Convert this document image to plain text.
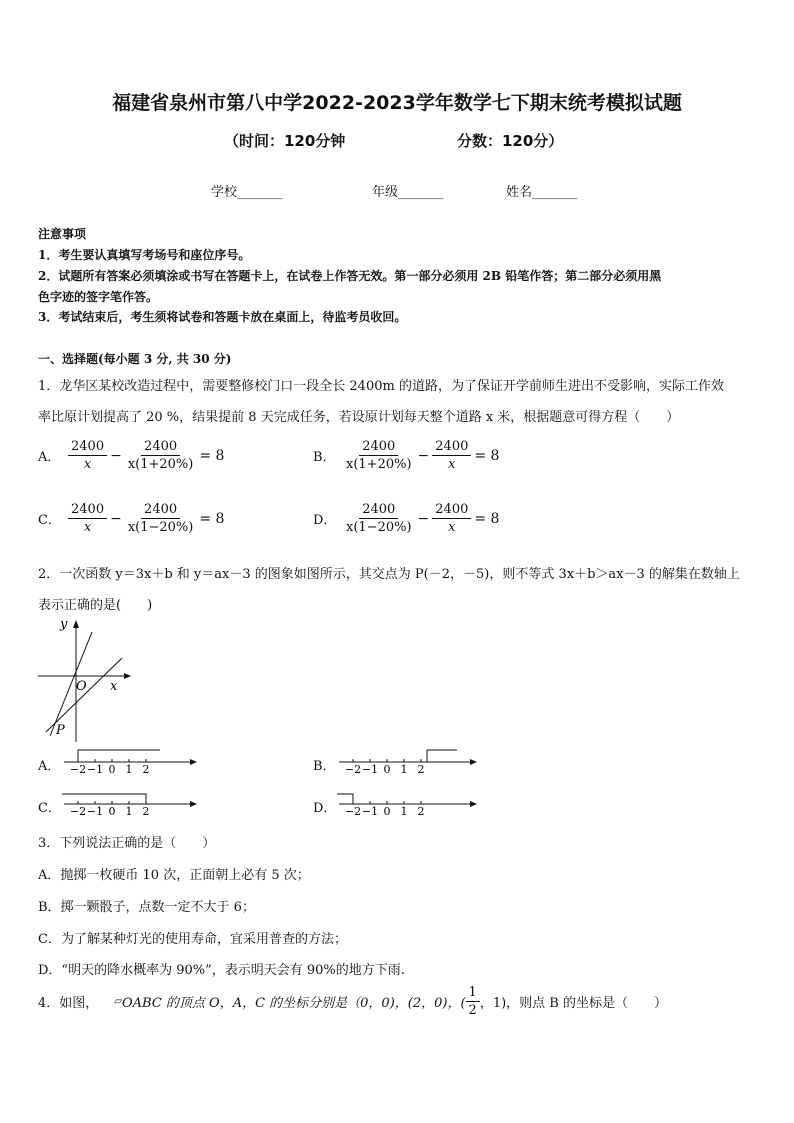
福建省泉州市第八中学2022-2023学年数学七下期末统考模拟试题
（时间：120分钟	分数：120分）
学校_______	年级_______	姓名_______
注意事项
1．考生要认真填写考场号和座位序号。
2．试题所有答案必须填涂或书写在答题卡上，在试卷上作答无效。第一部分必须用 2B 铅笔作答；第二部分必须用黑
色字迹的签字笔作答。
3．考试结束后，考生须将试卷和答题卡放在桌面上，待监考员收回。
一、选择题(每小题 3 分, 共 30 分)
1．龙华区某校改造过程中，需要整修校门口一段全长 2400m 的道路，为了保证开学前师生进出不受影响，实际工作效
率比原计划提高了 20 %，结果提前 8 天完成任务，若设原计划每天整个道路 x 米，根据题意可得方程（　　）
A． $\frac{2400}{x} - \frac{2400}{x(1+20\%)} = 8$	B． $\frac{2400}{x(1+20\%)} - \frac{2400}{x} = 8$
C． $\frac{2400}{x} - \frac{2400}{x(1-20\%)} = 8$	D． $\frac{2400}{x(1-20\%)} - \frac{2400}{x} = 8$
2．一次函数 y＝3x＋b 和 y＝ax－3 的图象如图所示，其交点为 P(－2，－5)，则不等式 3x＋b＞ax－3 的解集在数轴上
表示正确的是(　　)
y
x
O
P
A． −2 −1 0 1 2	B． −2 −1 0 1 2
C． −2 −1 0 1 2	D． −2 −1 0 1 2
3．下列说法正确的是（　　）
A．抛掷一枚硬币 10 次，正面朝上必有 5 次；
B．掷一颗骰子，点数一定不大于 6；
C．为了解某种灯光的使用寿命，宜采用普查的方法；
D．“明天的降水概率为 90%”，表示明天会有 90%的地方下雨.
4．如图， ▱ OABC 的顶点 O，A，C 的坐标分别是（0，0)，(2，0)，( $\frac{1}{2}$ ，1)，则点 B 的坐标是（　　）
